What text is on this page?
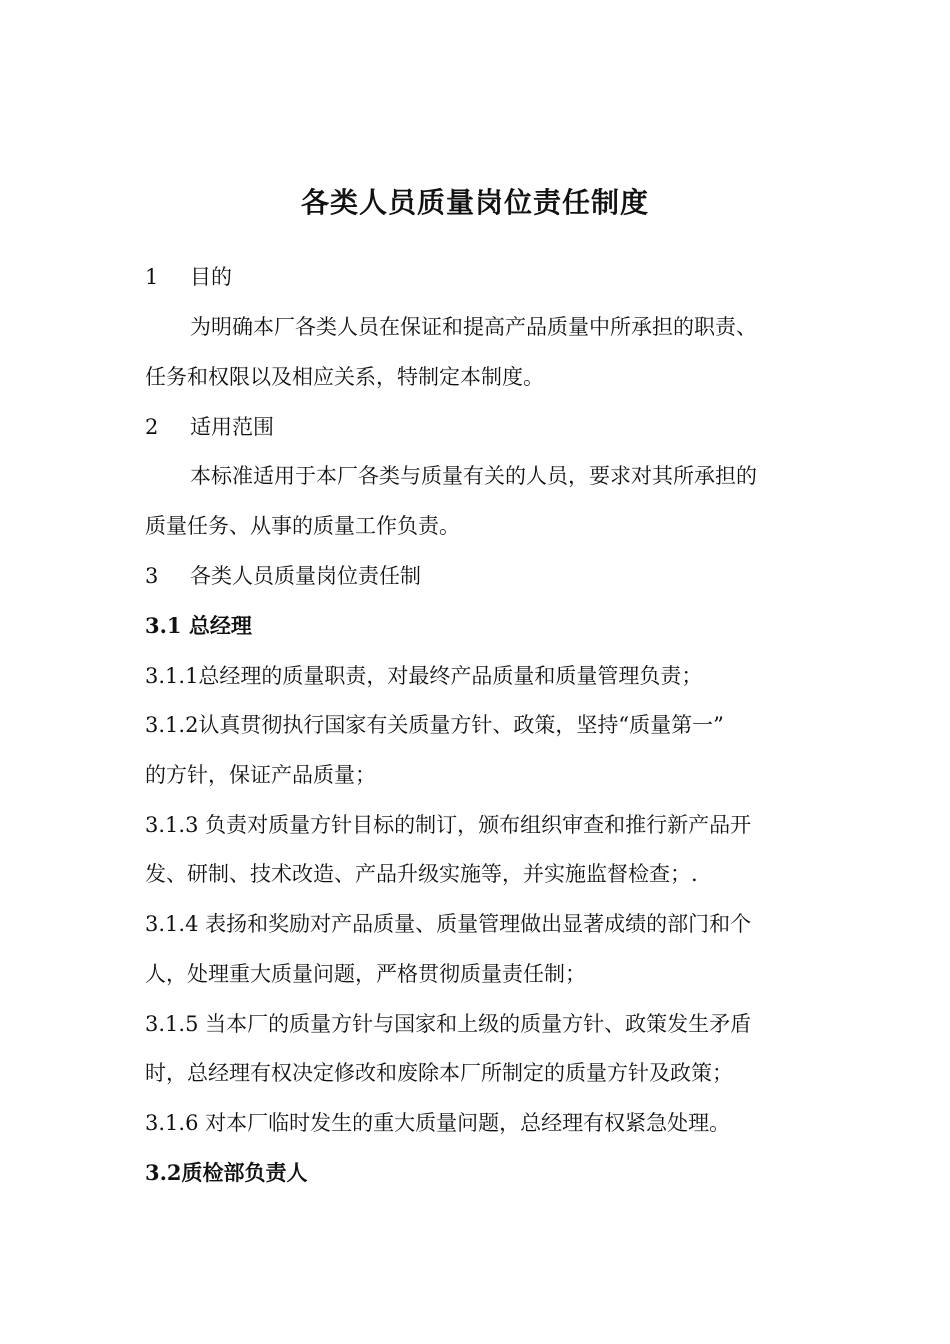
各类人员质量岗位责任制度
1 目的
为明确本厂各类人员在保证和提高产品质量中所承担的职责、
任务和权限以及相应关系，特制定本制度。
2 适用范围
本标准适用于本厂各类与质量有关的人员，要求对其所承担的
质量任务、从事的质量工作负责。
3 各类人员质量岗位责任制
3.1 总经理
3.1.1总经理的质量职责，对最终产品质量和质量管理负责；
3.1.2认真贯彻执行国家有关质量方针、政策，坚持“质量第一”
的方针，保证产品质量；
3.1.3 负责对质量方针目标的制订，颁布组织审查和推行新产品开
发、研制、技术改造、产品升级实施等，并实施监督检查；.
3.1.4 表扬和奖励对产品质量、质量管理做出显著成绩的部门和个
人，处理重大质量问题，严格贯彻质量责任制；
3.1.5 当本厂的质量方针与国家和上级的质量方针、政策发生矛盾
时，总经理有权决定修改和废除本厂所制定的质量方针及政策；
3.1.6 对本厂临时发生的重大质量问题，总经理有权紧急处理。
3.2质检部负责人
